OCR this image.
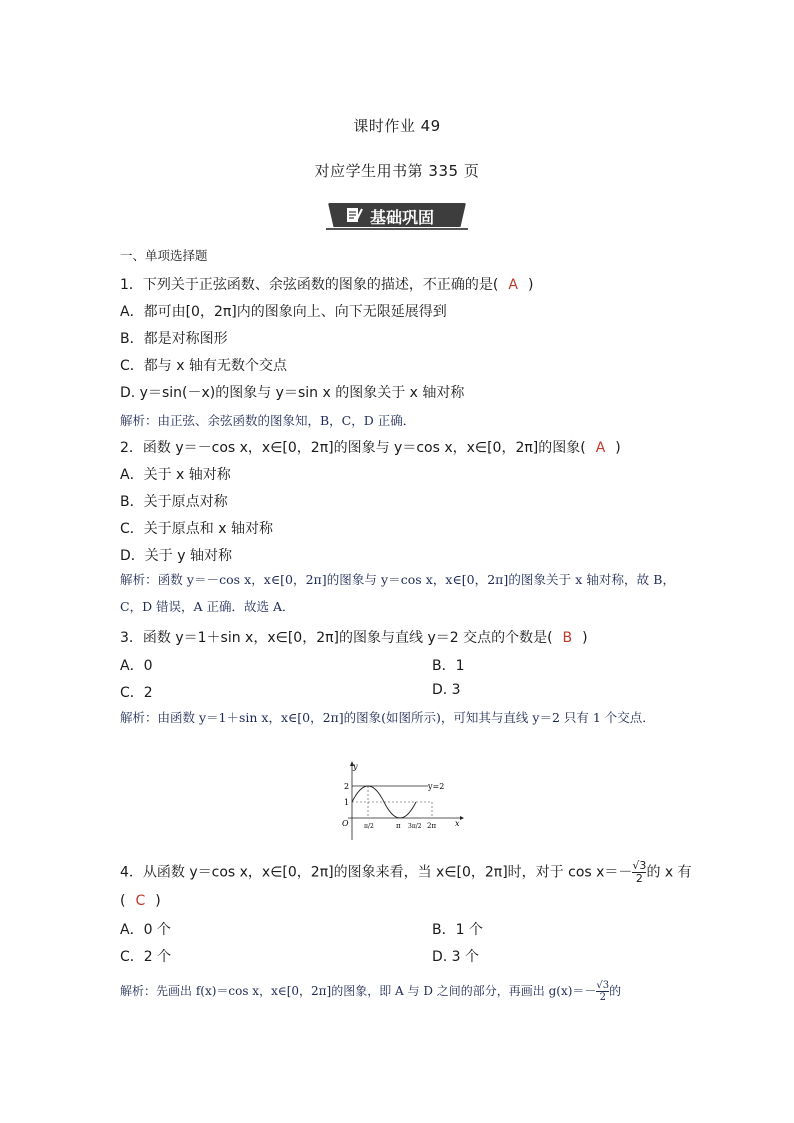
课时作业 49
对应学生用书第 335 页
基础巩固
一、单项选择题
1．下列关于正弦函数、余弦函数的图象的描述，不正确的是( A )
A．都可由[0，2π]内的图象向上、向下无限延展得到
B．都是对称图形
C．都与 x 轴有无数个交点
D. y＝sin(－x)的图象与 y＝sin x 的图象关于 x 轴对称
解析：由正弦、余弦函数的图象知，B，C，D 正确．
2．函数 y＝－cos x，x∈[0，2π]的图象与 y＝cos x，x∈[0，2π]的图象( A )
A．关于 x 轴对称
B．关于原点对称
C．关于原点和 x 轴对称
D．关于 y 轴对称
解析：函数 y＝－cos x，x∈[0，2π]的图象与 y＝cos x，x∈[0，2π]的图象关于 x 轴对称，故 B，C，D 错误，A 正确．故选 A．
3．函数 y＝1＋sin x，x∈[0，2π]的图象与直线 y＝2 交点的个数是( B )
A．0	B．1
C．2	D. 3
解析：由函数 y＝1＋sin x，x∈[0，2π]的图象(如图所示)，可知其与直线 y＝2 只有 1 个交点．
y
x
O
y=2
2
1
π/2	π 3π/2 2π
4．从函数 y＝cos x，x∈[0，2π]的图象来看，当 x∈[0，2π]时，对于 $\cos x=- \frac{√3}{2}$ 的 x 有
( C )
A．0 个	B．1 个
C．2 个	D. 3 个
解析：先画出 f(x)＝cos x，x∈[0，2π]的图象，即 A 与 D 之间的部分，再画出 $g(x)=- \frac{√3}{2}$ 的
